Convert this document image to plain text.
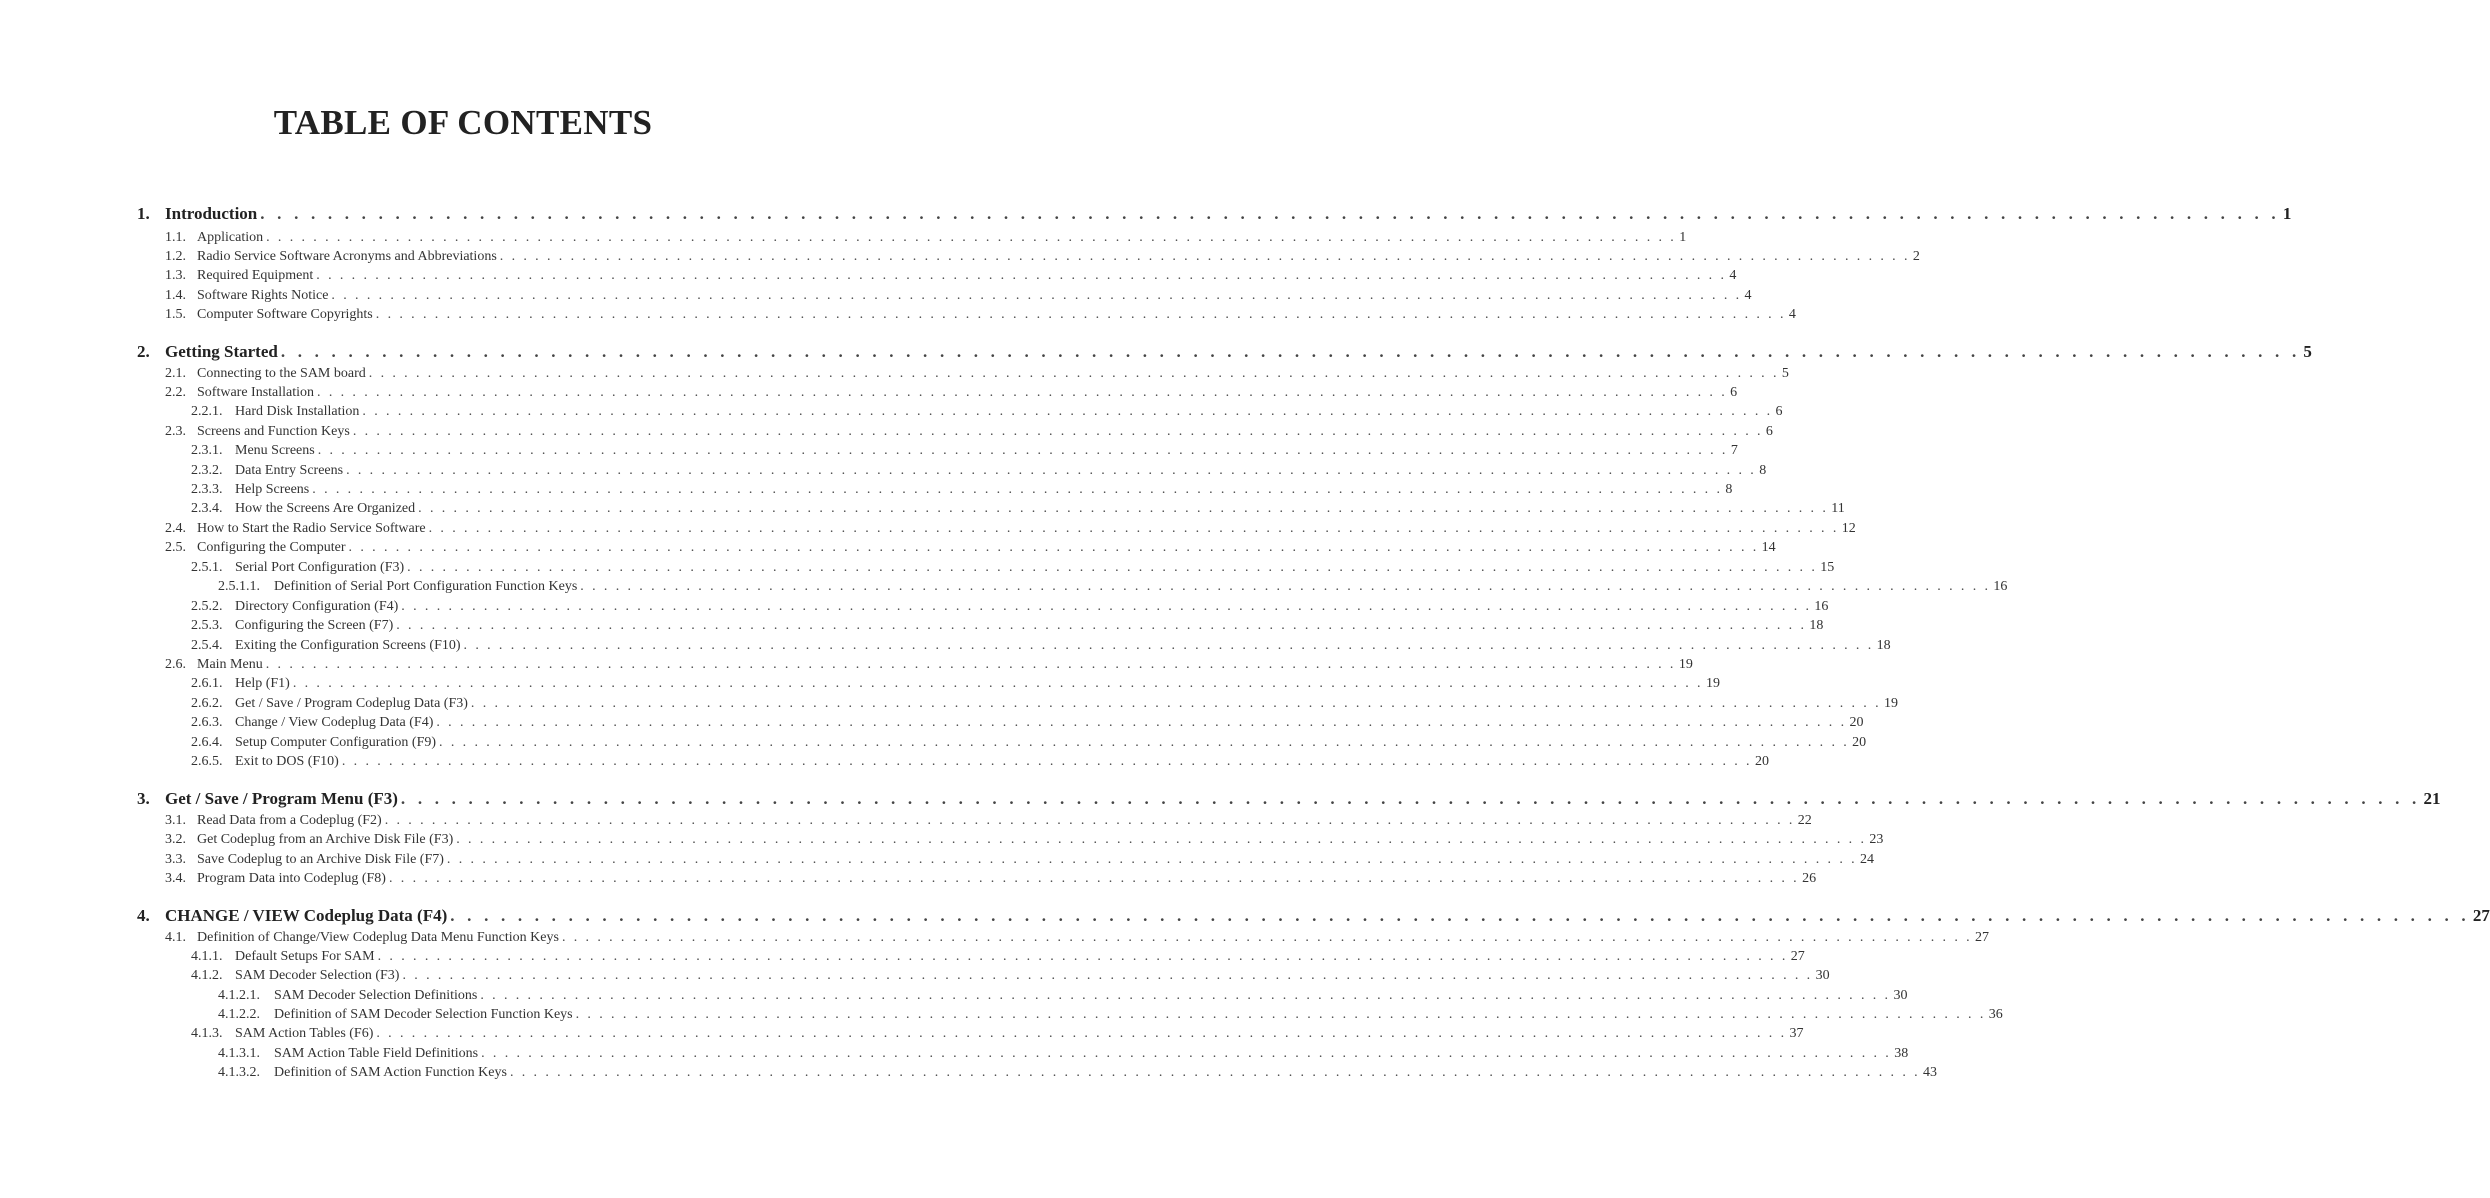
TABLE OF CONTENTS
1. Introduction . . . . . . . . . . . . . . . . . . . . . . . . . . . . . . . . . . . . . . . . . . . . . . . . . . . . . . . . . . . . . . . . . . . . . . . . . . . . . . . . . . . . . . . . . . . . . . . . . . . . . . . . . . . . . . . . . . . . . . . . 1
1.1. Application . . . . . . . . . . . . . . . . . . . . . . . . . . . . . . . . . . . . . . . . . . . . . . . . . . . . . . . . . . . . . . . . . . . . . . . . . . . . . . . . . . . . . . . . . . . . . . . . . . . . . . . . . . . . . . . . . . . . . . . . 1
1.2. Radio Service Software Acronyms and Abbreviations . . . . . . . . . . . . . . . . . . . . . . . . . . . . . . . . . . . . . . . . . . . . . . . . . . . . . . . . . . . . . . . . . . . . . . . . . . . . . . . . . . . . . . . . . . . . . . . . . . . . . . . . . . . . . . . . . . . . . . . . 2
1.3. Required Equipment . . . . . . . . . . . . . . . . . . . . . . . . . . . . . . . . . . . . . . . . . . . . . . . . . . . . . . . . . . . . . . . . . . . . . . . . . . . . . . . . . . . . . . . . . . . . . . . . . . . . . . . . . . . . . . . . . . . . . . . . 4
1.4. Software Rights Notice . . . . . . . . . . . . . . . . . . . . . . . . . . . . . . . . . . . . . . . . . . . . . . . . . . . . . . . . . . . . . . . . . . . . . . . . . . . . . . . . . . . . . . . . . . . . . . . . . . . . . . . . . . . . . . . . . . . . . . . . 4
1.5. Computer Software Copyrights . . . . . . . . . . . . . . . . . . . . . . . . . . . . . . . . . . . . . . . . . . . . . . . . . . . . . . . . . . . . . . . . . . . . . . . . . . . . . . . . . . . . . . . . . . . . . . . . . . . . . . . . . . . . . . . . . . . . . . . . 4
2. Getting Started . . . . . . . . . . . . . . . . . . . . . . . . . . . . . . . . . . . . . . . . . . . . . . . . . . . . . . . . . . . . . . . . . . . . . . . . . . . . . . . . . . . . . . . . . . . . . . . . . . . . . . . . . . . . . . . . . . . . . . . . 5
2.1. Connecting to the SAM board . . . . . . . . . . . . . . . . . . . . . . . . . . . . . . . . . . . . . . . . . . . . . . . . . . . . . . . . . . . . . . . . . . . . . . . . . . . . . . . . . . . . . . . . . . . . . . . . . . . . . . . . . . . . . . . . . . . . . . . . 5
2.2. Software Installation . . . . . . . . . . . . . . . . . . . . . . . . . . . . . . . . . . . . . . . . . . . . . . . . . . . . . . . . . . . . . . . . . . . . . . . . . . . . . . . . . . . . . . . . . . . . . . . . . . . . . . . . . . . . . . . . . . . . . . . . 6
2.2.1. Hard Disk Installation . . . . . . . . . . . . . . . . . . . . . . . . . . . . . . . . . . . . . . . . . . . . . . . . . . . . . . . . . . . . . . . . . . . . . . . . . . . . . . . . . . . . . . . . . . . . . . . . . . . . . . . . . . . . . . . . . . . . . . . . 6
2.3. Screens and Function Keys . . . . . . . . . . . . . . . . . . . . . . . . . . . . . . . . . . . . . . . . . . . . . . . . . . . . . . . . . . . . . . . . . . . . . . . . . . . . . . . . . . . . . . . . . . . . . . . . . . . . . . . . . . . . . . . . . . . . . . . . 6
2.3.1. Menu Screens . . . . . . . . . . . . . . . . . . . . . . . . . . . . . . . . . . . . . . . . . . . . . . . . . . . . . . . . . . . . . . . . . . . . . . . . . . . . . . . . . . . . . . . . . . . . . . . . . . . . . . . . . . . . . . . . . . . . . . . . 7
2.3.2. Data Entry Screens . . . . . . . . . . . . . . . . . . . . . . . . . . . . . . . . . . . . . . . . . . . . . . . . . . . . . . . . . . . . . . . . . . . . . . . . . . . . . . . . . . . . . . . . . . . . . . . . . . . . . . . . . . . . . . . . . . . . . . . . 8
2.3.3. Help Screens . . . . . . . . . . . . . . . . . . . . . . . . . . . . . . . . . . . . . . . . . . . . . . . . . . . . . . . . . . . . . . . . . . . . . . . . . . . . . . . . . . . . . . . . . . . . . . . . . . . . . . . . . . . . . . . . . . . . . . . . 8
2.3.4. How the Screens Are Organized . . . . . . . . . . . . . . . . . . . . . . . . . . . . . . . . . . . . . . . . . . . . . . . . . . . . . . . . . . . . . . . . . . . . . . . . . . . . . . . . . . . . . . . . . . . . . . . . . . . . . . . . . . . . . . . . . . . . . . . . 11
2.4. How to Start the Radio Service Software . . . . . . . . . . . . . . . . . . . . . . . . . . . . . . . . . . . . . . . . . . . . . . . . . . . . . . . . . . . . . . . . . . . . . . . . . . . . . . . . . . . . . . . . . . . . . . . . . . . . . . . . . . . . . . . . . . . . . . . . 12
2.5. Configuring the Computer . . . . . . . . . . . . . . . . . . . . . . . . . . . . . . . . . . . . . . . . . . . . . . . . . . . . . . . . . . . . . . . . . . . . . . . . . . . . . . . . . . . . . . . . . . . . . . . . . . . . . . . . . . . . . . . . . . . . . . . . 14
2.5.1. Serial Port Configuration (F3) . . . . . . . . . . . . . . . . . . . . . . . . . . . . . . . . . . . . . . . . . . . . . . . . . . . . . . . . . . . . . . . . . . . . . . . . . . . . . . . . . . . . . . . . . . . . . . . . . . . . . . . . . . . . . . . . . . . . . . . . 15
2.5.1.1.	Definition of Serial Port Configuration Function Keys . . . . . . . . . . . . . . . . . . . . . . . . . . . . . . . . . . . . . . . . . . . . . . . . . . . . . . . . . . . . . . . . . . . . . . . . . . . . . . . . . . . . . . . . . . . . . . . . . . . . . . . . . . . . . . . . . . . . . . . . 16
2.5.2. Directory Configuration (F4) . . . . . . . . . . . . . . . . . . . . . . . . . . . . . . . . . . . . . . . . . . . . . . . . . . . . . . . . . . . . . . . . . . . . . . . . . . . . . . . . . . . . . . . . . . . . . . . . . . . . . . . . . . . . . . . . . . . . . . . . 16
2.5.3. Configuring the Screen (F7) . . . . . . . . . . . . . . . . . . . . . . . . . . . . . . . . . . . . . . . . . . . . . . . . . . . . . . . . . . . . . . . . . . . . . . . . . . . . . . . . . . . . . . . . . . . . . . . . . . . . . . . . . . . . . . . . . . . . . . . . 18
2.5.4. Exiting the Configuration Screens (F10) . . . . . . . . . . . . . . . . . . . . . . . . . . . . . . . . . . . . . . . . . . . . . . . . . . . . . . . . . . . . . . . . . . . . . . . . . . . . . . . . . . . . . . . . . . . . . . . . . . . . . . . . . . . . . . . . . . . . . . . . 18
2.6. Main Menu . . . . . . . . . . . . . . . . . . . . . . . . . . . . . . . . . . . . . . . . . . . . . . . . . . . . . . . . . . . . . . . . . . . . . . . . . . . . . . . . . . . . . . . . . . . . . . . . . . . . . . . . . . . . . . . . . . . . . . . . 19
2.6.1. Help (F1) . . . . . . . . . . . . . . . . . . . . . . . . . . . . . . . . . . . . . . . . . . . . . . . . . . . . . . . . . . . . . . . . . . . . . . . . . . . . . . . . . . . . . . . . . . . . . . . . . . . . . . . . . . . . . . . . . . . . . . . . 19
2.6.2. Get / Save / Program Codeplug Data (F3) . . . . . . . . . . . . . . . . . . . . . . . . . . . . . . . . . . . . . . . . . . . . . . . . . . . . . . . . . . . . . . . . . . . . . . . . . . . . . . . . . . . . . . . . . . . . . . . . . . . . . . . . . . . . . . . . . . . . . . . . 19
2.6.3. Change / View Codeplug Data (F4) . . . . . . . . . . . . . . . . . . . . . . . . . . . . . . . . . . . . . . . . . . . . . . . . . . . . . . . . . . . . . . . . . . . . . . . . . . . . . . . . . . . . . . . . . . . . . . . . . . . . . . . . . . . . . . . . . . . . . . . . 20
2.6.4. Setup Computer Configuration (F9) . . . . . . . . . . . . . . . . . . . . . . . . . . . . . . . . . . . . . . . . . . . . . . . . . . . . . . . . . . . . . . . . . . . . . . . . . . . . . . . . . . . . . . . . . . . . . . . . . . . . . . . . . . . . . . . . . . . . . . . . 20
2.6.5. Exit to DOS (F10) . . . . . . . . . . . . . . . . . . . . . . . . . . . . . . . . . . . . . . . . . . . . . . . . . . . . . . . . . . . . . . . . . . . . . . . . . . . . . . . . . . . . . . . . . . . . . . . . . . . . . . . . . . . . . . . . . . . . . . . . 20
3. Get / Save / Program Menu (F3) . . . . . . . . . . . . . . . . . . . . . . . . . . . . . . . . . . . . . . . . . . . . . . . . . . . . . . . . . . . . . . . . . . . . . . . . . . . . . . . . . . . . . . . . . . . . . . . . . . . . . . . . . . . . . . . . . . . . . . . . 21
3.1. Read Data from a Codeplug (F2) . . . . . . . . . . . . . . . . . . . . . . . . . . . . . . . . . . . . . . . . . . . . . . . . . . . . . . . . . . . . . . . . . . . . . . . . . . . . . . . . . . . . . . . . . . . . . . . . . . . . . . . . . . . . . . . . . . . . . . . . 22
3.2. Get Codeplug from an Archive Disk File (F3) . . . . . . . . . . . . . . . . . . . . . . . . . . . . . . . . . . . . . . . . . . . . . . . . . . . . . . . . . . . . . . . . . . . . . . . . . . . . . . . . . . . . . . . . . . . . . . . . . . . . . . . . . . . . . . . . . . . . . . . . 23
3.3. Save Codeplug to an Archive Disk File (F7) . . . . . . . . . . . . . . . . . . . . . . . . . . . . . . . . . . . . . . . . . . . . . . . . . . . . . . . . . . . . . . . . . . . . . . . . . . . . . . . . . . . . . . . . . . . . . . . . . . . . . . . . . . . . . . . . . . . . . . . . 24
3.4. Program Data into Codeplug (F8) . . . . . . . . . . . . . . . . . . . . . . . . . . . . . . . . . . . . . . . . . . . . . . . . . . . . . . . . . . . . . . . . . . . . . . . . . . . . . . . . . . . . . . . . . . . . . . . . . . . . . . . . . . . . . . . . . . . . . . . . 26
4. CHANGE / VIEW Codeplug Data (F4) . . . . . . . . . . . . . . . . . . . . . . . . . . . . . . . . . . . . . . . . . . . . . . . . . . . . . . . . . . . . . . . . . . . . . . . . . . . . . . . . . . . . . . . . . . . . . . . . . . . . . . . . . . . . . . . . . . . . . . . . 27
4.1. Definition of Change/View Codeplug Data Menu Function Keys . . . . . . . . . . . . . . . . . . . . . . . . . . . . . . . . . . . . . . . . . . . . . . . . . . . . . . . . . . . . . . . . . . . . . . . . . . . . . . . . . . . . . . . . . . . . . . . . . . . . . . . . . . . . . . . . . . . . . . . . 27
4.1.1. Default Setups For SAM . . . . . . . . . . . . . . . . . . . . . . . . . . . . . . . . . . . . . . . . . . . . . . . . . . . . . . . . . . . . . . . . . . . . . . . . . . . . . . . . . . . . . . . . . . . . . . . . . . . . . . . . . . . . . . . . . . . . . . . . 27
4.1.2. SAM Decoder Selection (F3) . . . . . . . . . . . . . . . . . . . . . . . . . . . . . . . . . . . . . . . . . . . . . . . . . . . . . . . . . . . . . . . . . . . . . . . . . . . . . . . . . . . . . . . . . . . . . . . . . . . . . . . . . . . . . . . . . . . . . . . . 30
4.1.2.1.	SAM Decoder Selection Definitions . . . . . . . . . . . . . . . . . . . . . . . . . . . . . . . . . . . . . . . . . . . . . . . . . . . . . . . . . . . . . . . . . . . . . . . . . . . . . . . . . . . . . . . . . . . . . . . . . . . . . . . . . . . . . . . . . . . . . . . . 30
4.1.2.2.	Definition of SAM Decoder Selection Function Keys . . . . . . . . . . . . . . . . . . . . . . . . . . . . . . . . . . . . . . . . . . . . . . . . . . . . . . . . . . . . . . . . . . . . . . . . . . . . . . . . . . . . . . . . . . . . . . . . . . . . . . . . . . . . . . . . . . . . . . . . 36
4.1.3. SAM Action Tables (F6) . . . . . . . . . . . . . . . . . . . . . . . . . . . . . . . . . . . . . . . . . . . . . . . . . . . . . . . . . . . . . . . . . . . . . . . . . . . . . . . . . . . . . . . . . . . . . . . . . . . . . . . . . . . . . . . . . . . . . . . . 37
4.1.3.1.	SAM Action Table Field Definitions . . . . . . . . . . . . . . . . . . . . . . . . . . . . . . . . . . . . . . . . . . . . . . . . . . . . . . . . . . . . . . . . . . . . . . . . . . . . . . . . . . . . . . . . . . . . . . . . . . . . . . . . . . . . . . . . . . . . . . . . 38
4.1.3.2.	Definition of SAM Action Function Keys . . . . . . . . . . . . . . . . . . . . . . . . . . . . . . . . . . . . . . . . . . . . . . . . . . . . . . . . . . . . . . . . . . . . . . . . . . . . . . . . . . . . . . . . . . . . . . . . . . . . . . . . . . . . . . . . . . . . . . . . 43
